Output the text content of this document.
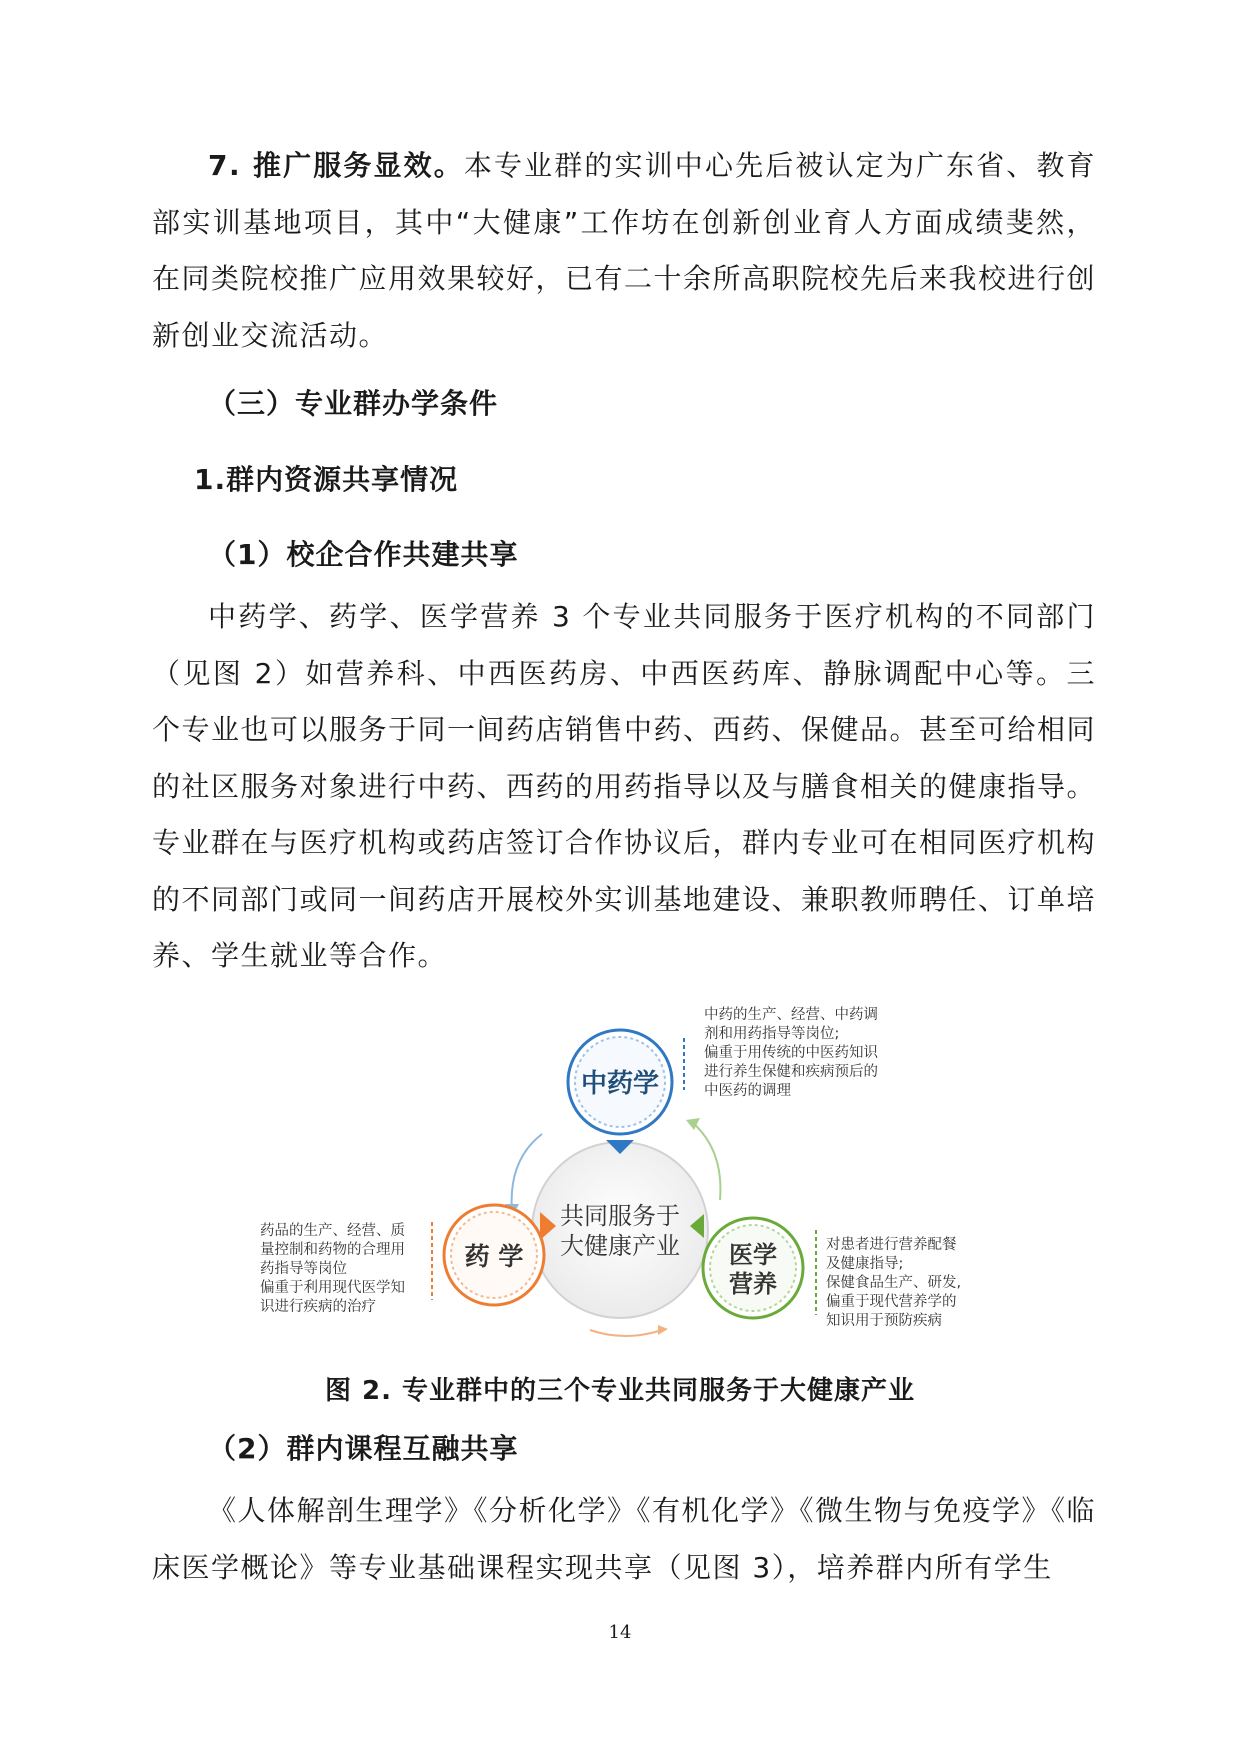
7. 推广服务显效。本专业群的实训中心先后被认定为广东省、教育部实训基地项目，其中“大健康”工作坊在创新创业育人方面成绩斐然，在同类院校推广应用效果较好，已有二十余所高职院校先后来我校进行创新创业交流活动。

（三）专业群办学条件
1.群内资源共享情况
（1）校企合作共建共享

中药学、药学、医学营养 3 个专业共同服务于医疗机构的不同部门（见图 2）如营养科、中西医药房、中西医药库、静脉调配中心等。三个专业也可以服务于同一间药店销售中药、西药、保健品。甚至可给相同的社区服务对象进行中药、西药的用药指导以及与膳食相关的健康指导。专业群在与医疗机构或药店签订合作协议后，群内专业可在相同医疗机构的不同部门或同一间药店开展校外实训基地建设、兼职教师聘任、订单培养、学生就业等合作。

中药学
药 学	医学
营养
共同服务于
大健康产业
中药的生产、经营、中药调
剂和用药指导等岗位;
偏重于用传统的中医药知识
进行养生保健和疾病预后的
中医药的调理
药品的生产、经营、质
量控制和药物的合理用
药指导等岗位
偏重于利用现代医学知
识进行疾病的治疗
对患者进行营养配餐
及健康指导;
保健食品生产、研发,
偏重于现代营养学的
知识用于预防疾病
图 2. 专业群中的三个专业共同服务于大健康产业
（2）群内课程互融共享

《人体解剖生理学》《分析化学》《有机化学》《微生物与免疫学》《临床医学概论》等专业基础课程实现共享（见图 3），培养群内所有学生

14
